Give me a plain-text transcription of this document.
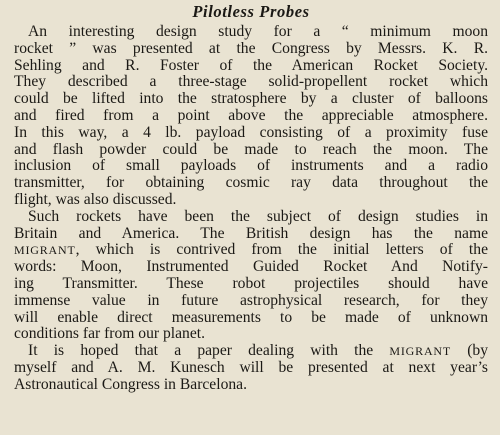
Pilotless Probes

An interesting design study for a “ minimum moon
rocket ” was presented at the Congress by Messrs. K. R.
Sehling and R. Foster of the American Rocket Society.
They described a three-stage solid-propellent rocket which
could be lifted into the stratosphere by a cluster of balloons
and fired from a point above the appreciable atmosphere.
In this way, a 4 lb. payload consisting of a proximity fuse
and flash powder could be made to reach the moon. The
inclusion of small payloads of instruments and a radio
transmitter, for obtaining cosmic ray data throughout the
flight, was also discussed.

Such rockets have been the subject of design studies in
Britain and America. The British design has the name
MIGRANT, which is contrived from the initial letters of the
words: Moon, Instrumented Guided Rocket And Notify-
ing Transmitter. These robot projectiles should have
immense value in future astrophysical research, for they
will enable direct measurements to be made of unknown
conditions far from our planet.

It is hoped that a paper dealing with the MIGRANT (by
myself and A. M. Kunesch will be presented at next year’s
Astronautical Congress in Barcelona.
